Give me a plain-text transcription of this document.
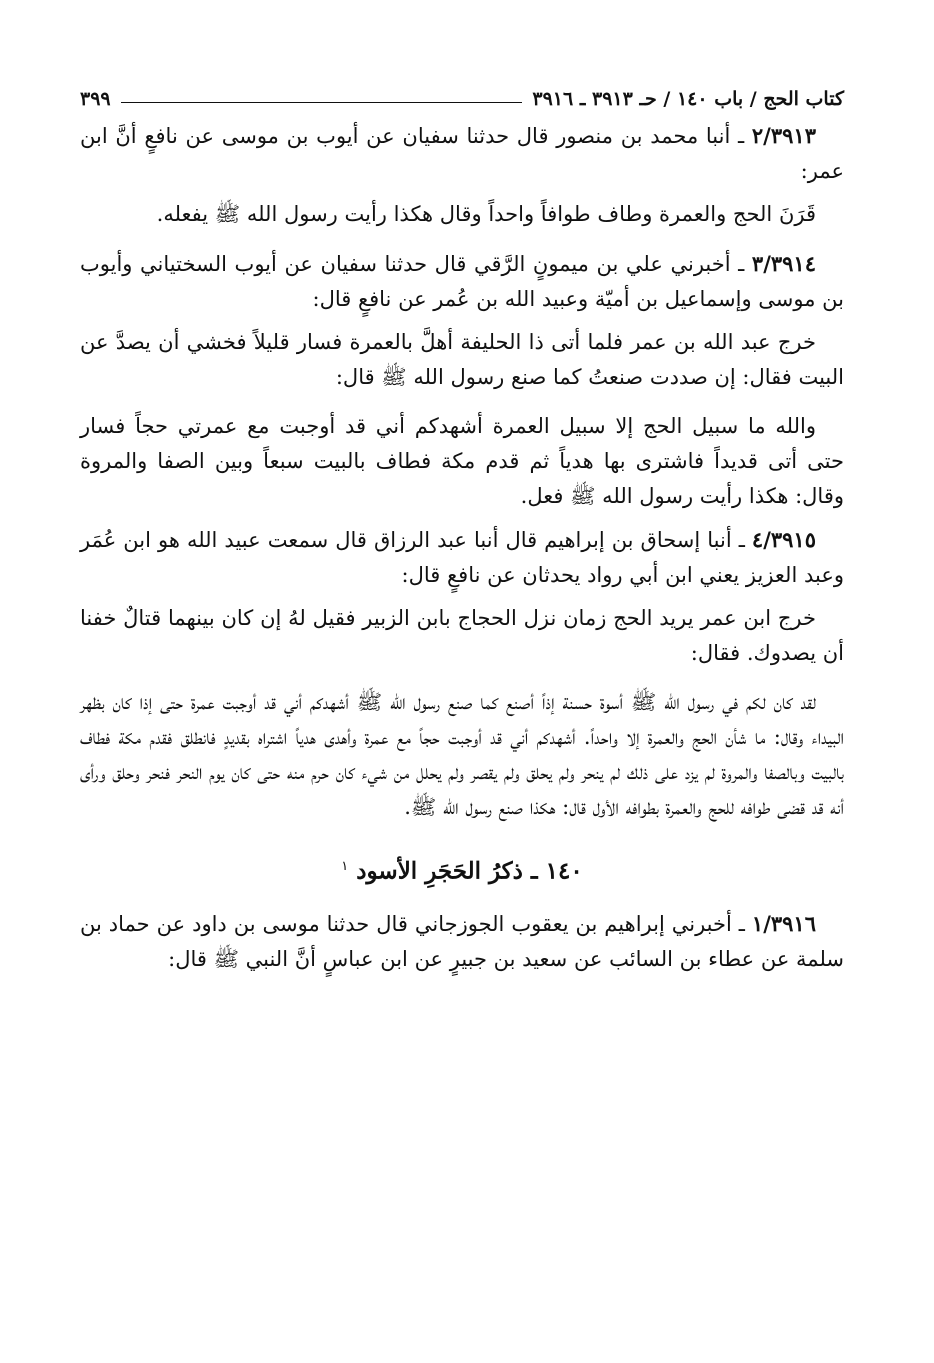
كتاب الحج / باب ١٤٠ / حـ ٣٩١٣ ـ ٣٩١٦
٣٩٩

٢/٣٩١٣ ـ أنبا محمد بن منصور قال حدثنا سفيان عن أيوب بن موسى عن نافعٍ أنَّ ابن عمر:

قَرَنَ الحج والعمرة وطاف طوافاً واحداً وقال هكذا رأيت رسول الله ﷺ يفعله.

٣/٣٩١٤ ـ أخبرني علي بن ميمونٍ الرَّقي قال حدثنا سفيان عن أيوب السختياني وأيوب بن موسى وإسماعيل بن أميّة وعبيد الله بن عُمر عن نافعٍ قال:

خرج عبد الله بن عمر فلما أتى ذا الحليفة أهلَّ بالعمرة فسار قليلاً فخشي أن يصدَّ عن البيت فقال: إن صددت صنعتُ كما صنع رسول الله ﷺ قال:

والله ما سبيل الحج إلا سبيل العمرة أشهدكم أني قد أوجبت مع عمرتي حجاً فسار حتى أتى قديداً فاشترى بها هدياً ثم قدم مكة فطاف بالبيت سبعاً وبين الصفا والمروة وقال: هكذا رأيت رسول الله ﷺ فعل.

٤/٣٩١٥ ـ أنبا إسحاق بن إبراهيم قال أنبا عبد الرزاق قال سمعت عبيد الله هو ابن عُمَر وعبد العزيز يعني ابن أبي رواد يحدثان عن نافعٍ قال:

خرج ابن عمر يريد الحج زمان نزل الحجاج بابن الزبير فقيل لهُ إن كان بينهما قتالٌ خفنا أن يصدوك. فقال:

لقد كان لكم في رسول الله ﷺ أسوة حسنة إذاً أصنع كما صنع رسول الله ﷺ أشهدكم أني قد أوجبت عمرة حتى إذا كان بظهر البيداء وقال: ما شأن الحج والعمرة إلا واحداً. أشهدكم أني قد أوجبت حجاً مع عمرة وأهدى هدياً اشتراه بقديدٍ فانطلق فقدم مكة فطاف بالبيت وبالصفا والمروة لم يزد على ذلك لم ينحر ولم يحلق ولم يقصر ولم يحلل من شيء كان حرم منه حتى كان يوم النحر فنحر وحلق ورأى أنه قد قضى طوافه للحج والعمرة بطوافه الأول قال: هكذا صنع رسول الله ﷺ.

١٤٠ ـ ذكرُ الحَجَرِ الأسود $^١$

١/٣٩١٦ ـ أخبرني إبراهيم بن يعقوب الجوزجاني قال حدثنا موسى بن داود عن حماد بن سلمة عن عطاء بن السائب عن سعيد بن جبيرٍ عن ابن عباسٍ أنَّ النبي ﷺ قال:
